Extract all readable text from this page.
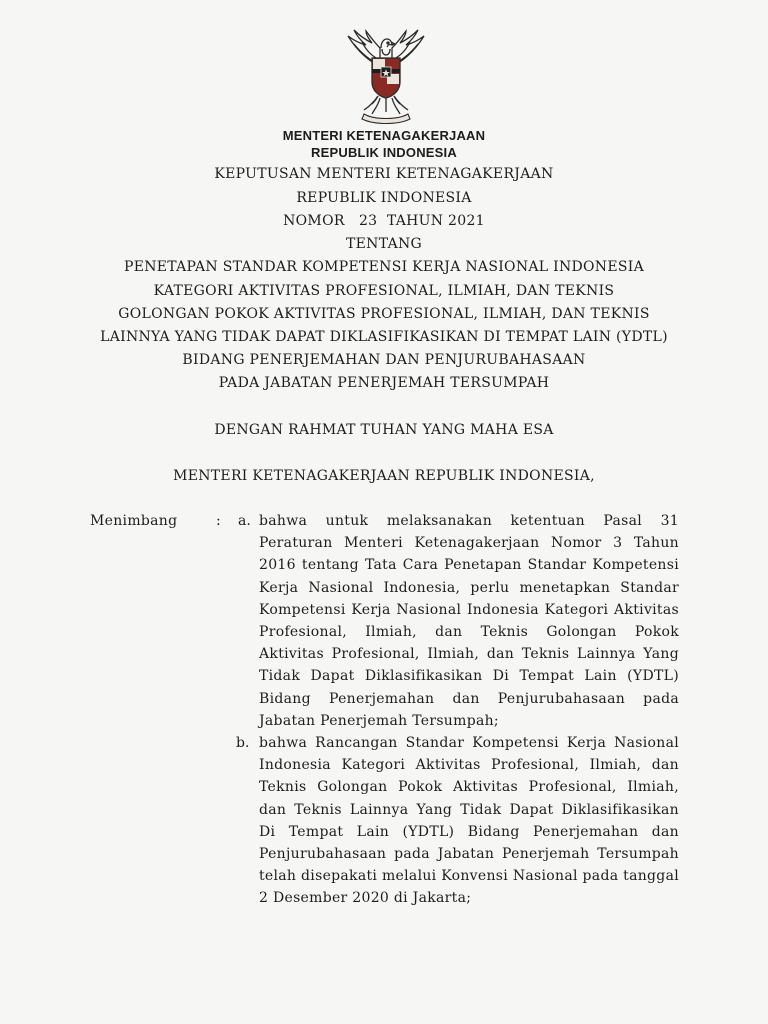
MENTERI KETENAGAKERJAAN
REPUBLIK INDONESIA
KEPUTUSAN MENTERI KETENAGAKERJAAN
REPUBLIK INDONESIA
NOMOR   23  TAHUN 2021
TENTANG
PENETAPAN STANDAR KOMPETENSI KERJA NASIONAL INDONESIA
KATEGORI AKTIVITAS PROFESIONAL, ILMIAH, DAN TEKNIS
GOLONGAN POKOK AKTIVITAS PROFESIONAL, ILMIAH, DAN TEKNIS
LAINNYA YANG TIDAK DAPAT DIKLASIFIKASIKAN DI TEMPAT LAIN (YDTL)
BIDANG PENERJEMAHAN DAN PENJURUBAHASAAN
PADA JABATAN PENERJEMAH TERSUMPAH
DENGAN RAHMAT TUHAN YANG MAHA ESA
MENTERI KETENAGAKERJAAN REPUBLIK INDONESIA,
Menimbang	: a. bahwa untuk melaksanakan ketentuan Pasal 31
Peraturan Menteri Ketenagakerjaan Nomor 3 Tahun
2016 tentang Tata Cara Penetapan Standar Kompetensi
Kerja Nasional Indonesia, perlu menetapkan Standar
Kompetensi Kerja Nasional Indonesia Kategori Aktivitas
Profesional, Ilmiah, dan Teknis Golongan Pokok
Aktivitas Profesional, Ilmiah, dan Teknis Lainnya Yang
Tidak Dapat Diklasifikasikan Di Tempat Lain (YDTL)
Bidang Penerjemahan dan Penjurubahasaan pada
Jabatan Penerjemah Tersumpah;
b. bahwa Rancangan Standar Kompetensi Kerja Nasional
Indonesia Kategori Aktivitas Profesional, Ilmiah, dan
Teknis Golongan Pokok Aktivitas Profesional, Ilmiah,
dan Teknis Lainnya Yang Tidak Dapat Diklasifikasikan
Di Tempat Lain (YDTL) Bidang Penerjemahan dan
Penjurubahasaan pada Jabatan Penerjemah Tersumpah
telah disepakati melalui Konvensi Nasional pada tanggal
2 Desember 2020 di Jakarta;
